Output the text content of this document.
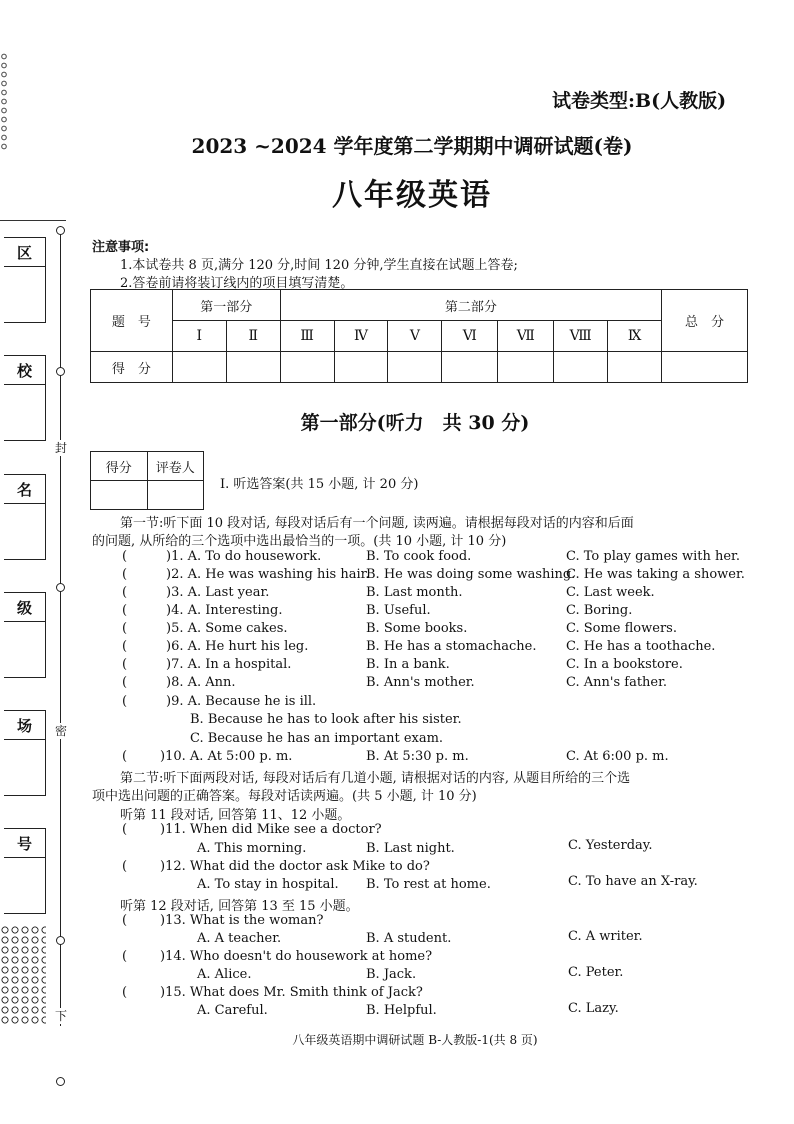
试卷类型:B(人教版)
2023 ~2024 学年度第二学期期中调研试题(卷)
八年级英语
封
密
下
区
校
名
级
场
号
注意事项:
1.本试卷共 8 页,满分 120 分,时间 120 分钟,学生直接在试题上答卷;
2.答卷前请将装订线内的项目填写清楚。
题　号	第一部分		第二部分							总　分
	Ⅰ	Ⅱ	Ⅲ	Ⅳ	Ⅴ	Ⅵ	Ⅶ	Ⅷ	Ⅸ	
得　分										
第一部分(听力　共 30 分)
得分	评卷人

Ⅰ. 听选答案(共 15 小题, 计 20 分)
第一节:听下面 10 段对话, 每段对话后有一个问题, 读两遍。请根据每段对话的内容和后面
的问题, 从所给的三个选项中选出最恰当的一项。(共 10 小题, 计 10 分)
(	)1. A. To do housework.	B. To cook food.	C. To play games with her.
(	)2. A. He was washing his hair.
B. He was doing some washing.
C. He was taking a shower.
(	)3. A. Last year.	B. Last month.	C. Last week.
(	)4. A. Interesting.	B. Useful.	C. Boring.
(	)5. A. Some cakes.	B. Some books.	C. Some flowers.
(	)6. A. He hurt his leg.	B. He has a stomachache. C. He has a toothache.
(	)7. A. In a hospital.	B. In a bank.	C. In a bookstore.
(	)8. A. Ann.	B. Ann's mother.	C. Ann's father.
(	)9. A. Because he is ill.
B. Because he has to look after his sister.
C. Because he has an important exam.
(	)10. A. At 5:00 p. m.	B. At 5:30 p. m.	C. At 6:00 p. m.
第二节:听下面两段对话, 每段对话后有几道小题, 请根据对话的内容, 从题目所给的三个选
项中选出问题的正确答案。每段对话读两遍。(共 5 小题, 计 10 分)
听第 11 段对话, 回答第 11、12 小题。
(	)11. When did Mike see a doctor?
A. This morning.	B. Last night.	C. Yesterday.
(	)12. What did the doctor ask Mike to do?
A. To stay in hospital. B. To rest at home.	C. To have an X-ray.
听第 12 段对话, 回答第 13 至 15 小题。
(	)13. What is the woman?
A. A teacher.	B. A student.	C. A writer.
(	)14. Who doesn't do housework at home?
A. Alice.	B. Jack.	C. Peter.
(	)15. What does Mr. Smith think of Jack?
A. Careful.	B. Helpful.	C. Lazy.
八年级英语期中调研试题 B-人教版-1(共 8 页)
